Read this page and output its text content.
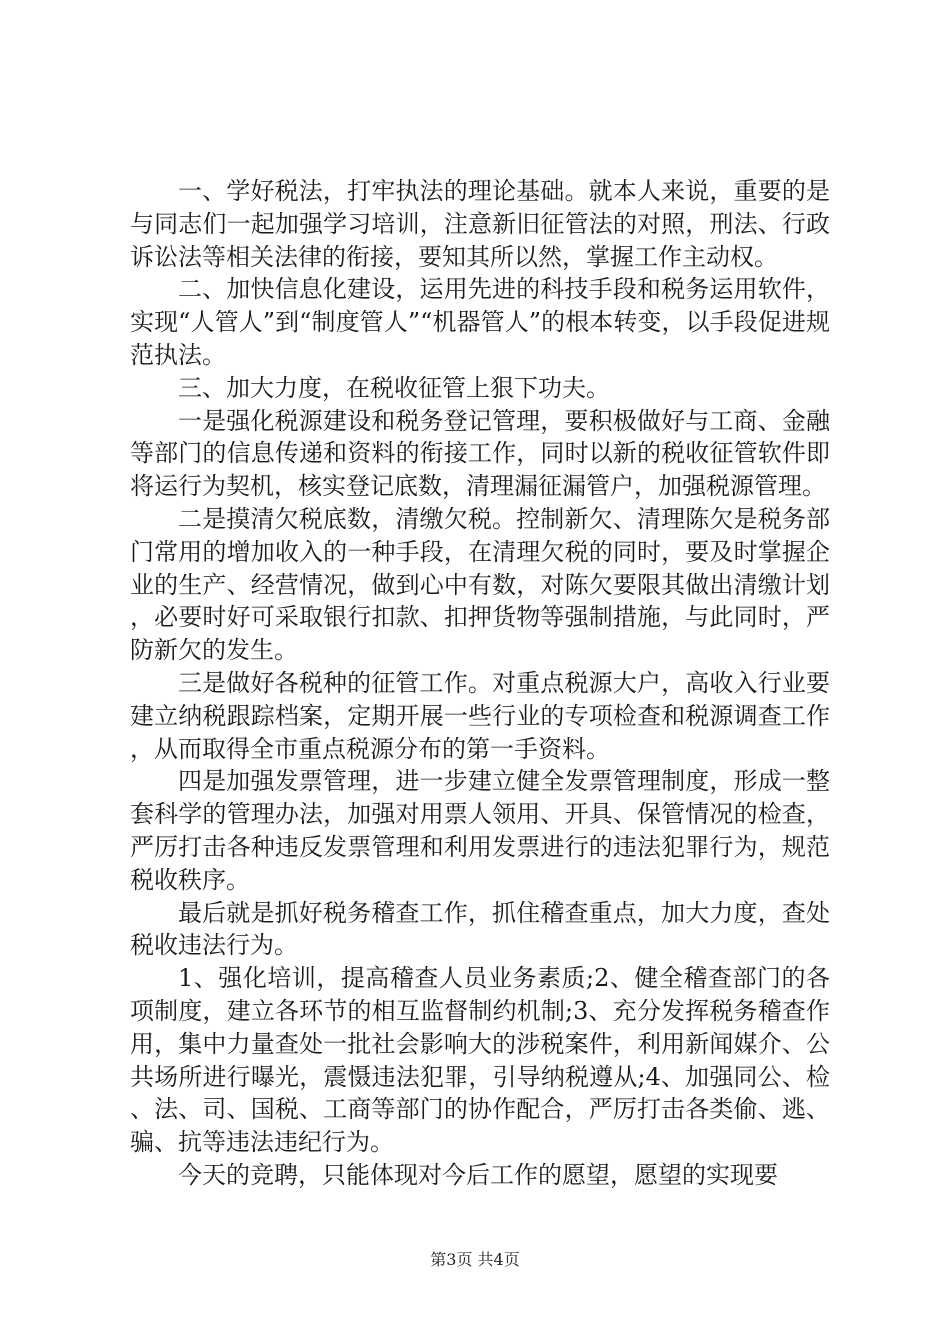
一、学好税法，打牢执法的理论基础。就本人来说，重要的是与同志们一起加强学习培训，注意新旧征管法的对照，刑法、行政诉讼法等相关法律的衔接，要知其所以然，掌握工作主动权。

二、加快信息化建设，运用先进的科技手段和税务运用软件，实现“人管人”到“制度管人”“机器管人”的根本转变，以手段促进规范执法。

三、加大力度，在税收征管上狠下功夫。

一是强化税源建设和税务登记管理，要积极做好与工商、金融等部门的信息传递和资料的衔接工作，同时以新的税收征管软件即将运行为契机，核实登记底数，清理漏征漏管户，加强税源管理。

二是摸清欠税底数，清缴欠税。控制新欠、清理陈欠是税务部门常用的增加收入的一种手段，在清理欠税的同时，要及时掌握企业的生产、经营情况，做到心中有数，对陈欠要限其做出清缴计划，必要时好可采取银行扣款、扣押货物等强制措施，与此同时，严防新欠的发生。

三是做好各税种的征管工作。对重点税源大户，高收入行业要建立纳税跟踪档案，定期开展一些行业的专项检查和税源调查工作，从而取得全市重点税源分布的第一手资料。

四是加强发票管理，进一步建立健全发票管理制度，形成一整套科学的管理办法，加强对用票人领用、开具、保管情况的检查，严厉打击各种违反发票管理和利用发票进行的违法犯罪行为，规范税收秩序。

最后就是抓好税务稽查工作，抓住稽查重点，加大力度，查处税收违法行为。

1、强化培训，提高稽查人员业务素质;2、健全稽查部门的各项制度，建立各环节的相互监督制约机制;3、充分发挥税务稽查作用，集中力量查处一批社会影响大的涉税案件，利用新闻媒介、公共场所进行曝光，震慑违法犯罪，引导纳税遵从;4、加强同公、检、法、司、国税、工商等部门的协作配合，严厉打击各类偷、逃、骗、抗等违法违纪行为。

今天的竞聘，只能体现对今后工作的愿望，愿望的实现要

第3页 共4页
